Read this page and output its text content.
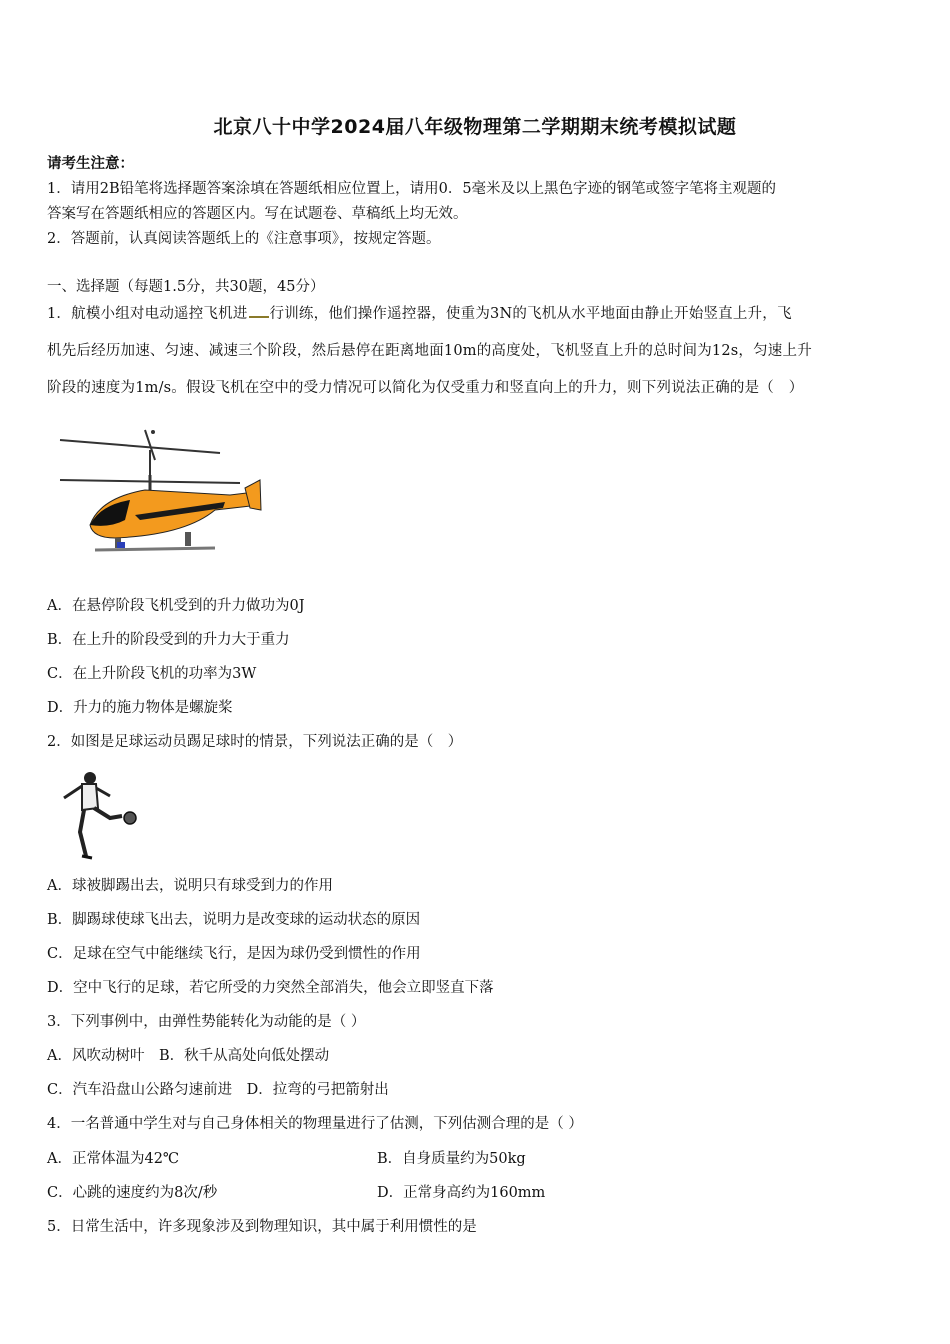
北京八十中学2024届八年级物理第二学期期末统考模拟试题
请考生注意：
1．请用2B铅笔将选择题答案涂填在答题纸相应位置上，请用0．5毫米及以上黑色字迹的钢笔或签字笔将主观题的
答案写在答题纸相应的答题区内。写在试题卷、草稿纸上均无效。
2．答题前，认真阅读答题纸上的《注意事项》，按规定答题。
一、选择题（每题1.5分，共30题，45分）
1．航模小组对电动遥控飞机进 行训练，他们操作遥控器，使重为3N的飞机从水平地面由静止开始竖直上升，飞
机先后经历加速、匀速、减速三个阶段，然后悬停在距离地面10m的高度处，飞机竖直上升的总时间为12s，匀速上升
阶段的速度为1m/s。假设飞机在空中的受力情况可以简化为仅受重力和竖直向上的升力，则下列说法正确的是（　）
A．在悬停阶段飞机受到的升力做功为0J
B．在上升的阶段受到的升力大于重力
C．在上升阶段飞机的功率为3W
D．升力的施力物体是螺旋桨
2．如图是足球运动员踢足球时的情景，下列说法正确的是（　）
A．球被脚踢出去，说明只有球受到力的作用
B．脚踢球使球飞出去，说明力是改变球的运动状态的原因
C．足球在空气中能继续飞行，是因为球仍受到惯性的作用
D．空中飞行的足球，若它所受的力突然全部消失，他会立即竖直下落
3．下列事例中，由弹性势能转化为动能的是（ ）
A．风吹动树叶　B．秋千从高处向低处摆动
C．汽车沿盘山公路匀速前进　D．拉弯的弓把箭射出
4．一名普通中学生对与自己身体相关的物理量进行了估测，下列估测合理的是（ ）
A．正常体温为42℃	B．自身质量约为50kg
C．心跳的速度约为8次/秒	D．正常身高约为160mm
5．日常生活中，许多现象涉及到物理知识，其中属于利用惯性的是
